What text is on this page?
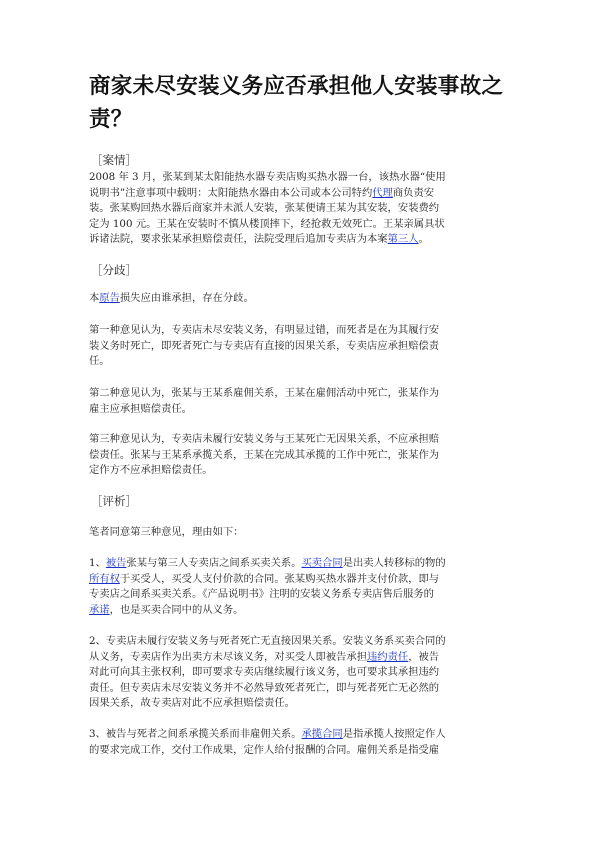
商家未尽安装义务应否承担他人安装事故之责？
［案情］
2008 年 3 月，张某到某太阳能热水器专卖店购买热水器一台，该热水器“使用
说明书”注意事项中载明：太阳能热水器由本公司或本公司特约代理商负责安
装。张某购回热水器后商家并未派人安装，张某便请王某为其安装，安装费约
定为 100 元。王某在安装时不慎从楼顶摔下，经抢救无效死亡。王某亲属具状
诉诸法院，要求张某承担赔偿责任，法院受理后追加专卖店为本案第三人。
［分歧］
本原告损失应由谁承担，存在分歧。
第一种意见认为，专卖店未尽安装义务，有明显过错，而死者是在为其履行安
装义务时死亡，即死者死亡与专卖店有直接的因果关系，专卖店应承担赔偿责
任。
第二种意见认为，张某与王某系雇佣关系，王某在雇佣活动中死亡，张某作为
雇主应承担赔偿责任。
第三种意见认为，专卖店未履行安装义务与王某死亡无因果关系，不应承担赔
偿责任。张某与王某系承揽关系，王某在完成其承揽的工作中死亡，张某作为
定作方不应承担赔偿责任。
［评析］
笔者同意第三种意见，理由如下：
1、被告张某与第三人专卖店之间系买卖关系。买卖合同是出卖人转移标的物的
所有权于买受人，买受人支付价款的合同。张某购买热水器并支付价款，即与
专卖店之间系买卖关系。《产品说明书》注明的安装义务系专卖店售后服务的
承诺，也是买卖合同中的从义务。
2、专卖店未履行安装义务与死者死亡无直接因果关系。安装义务系买卖合同的
从义务，专卖店作为出卖方未尽该义务，对买受人即被告承担违约责任，被告
对此可向其主张权利，即可要求专卖店继续履行该义务，也可要求其承担违约
责任。但专卖店未尽安装义务并不必然导致死者死亡，即与死者死亡无必然的
因果关系，故专卖店对此不应承担赔偿责任。
3、被告与死者之间系承揽关系而非雇佣关系。承揽合同是指承揽人按照定作人
的要求完成工作，交付工作成果，定作人给付报酬的合同。雇佣关系是指受雇
